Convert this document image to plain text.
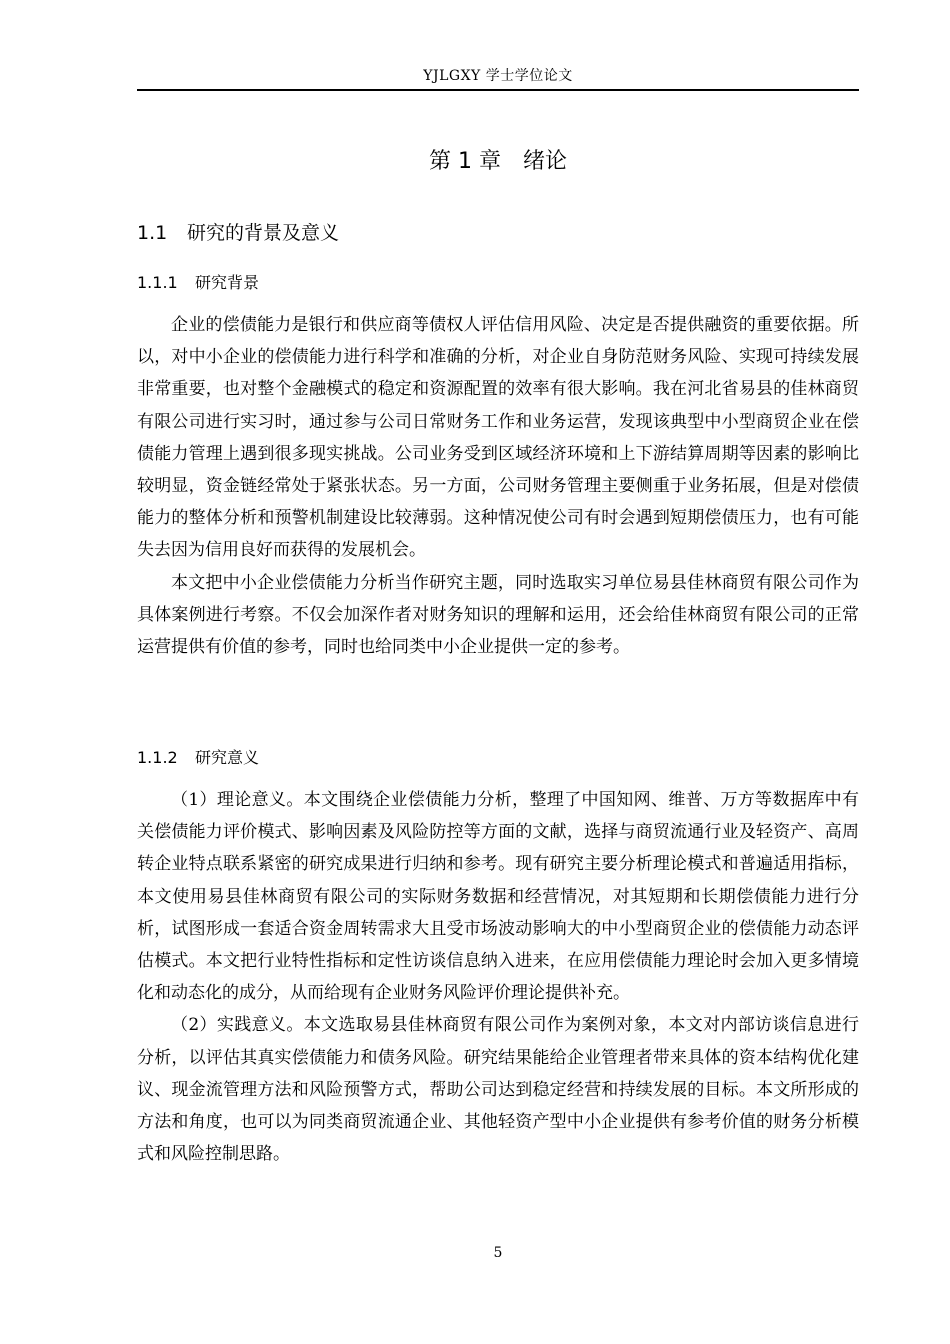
YJLGXY 学士学位论文
第 1 章　绪论
1.1 研究的背景及意义
1.1.1 研究背景

企业的偿债能力是银行和供应商等债权人评估信用风险、决定是否提供融资的重要依据。所以，对中小企业的偿债能力进行科学和准确的分析，对企业自身防范财务风险、实现可持续发展非常重要，也对整个金融模式的稳定和资源配置的效率有很大影响。我在河北省易县的佳林商贸有限公司进行实习时，通过参与公司日常财务工作和业务运营，发现该典型中小型商贸企业在偿债能力管理上遇到很多现实挑战。公司业务受到区域经济环境和上下游结算周期等因素的影响比较明显，资金链经常处于紧张状态。另一方面，公司财务管理主要侧重于业务拓展，但是对偿债能力的整体分析和预警机制建设比较薄弱。这种情况使公司有时会遇到短期偿债压力，也有可能失去因为信用良好而获得的发展机会。

本文把中小企业偿债能力分析当作研究主题，同时选取实习单位易县佳林商贸有限公司作为具体案例进行考察。不仅会加深作者对财务知识的理解和运用，还会给佳林商贸有限公司的正常运营提供有价值的参考，同时也给同类中小企业提供一定的参考。

1.1.2 研究意义

（1）理论意义。本文围绕企业偿债能力分析，整理了中国知网、维普、万方等数据库中有关偿债能力评价模式、影响因素及风险防控等方面的文献，选择与商贸流通行业及轻资产、高周转企业特点联系紧密的研究成果进行归纳和参考。现有研究主要分析理论模式和普遍适用指标，本文使用易县佳林商贸有限公司的实际财务数据和经营情况，对其短期和长期偿债能力进行分析，试图形成一套适合资金周转需求大且受市场波动影响大的中小型商贸企业的偿债能力动态评估模式。本文把行业特性指标和定性访谈信息纳入进来，在应用偿债能力理论时会加入更多情境化和动态化的成分，从而给现有企业财务风险评价理论提供补充。

（2）实践意义。本文选取易县佳林商贸有限公司作为案例对象，本文对内部访谈信息进行分析，以评估其真实偿债能力和债务风险。研究结果能给企业管理者带来具体的资本结构优化建议、现金流管理方法和风险预警方式，帮助公司达到稳定经营和持续发展的目标。本文所形成的方法和角度，也可以为同类商贸流通企业、其他轻资产型中小企业提供有参考价值的财务分析模式和风险控制思路。

5
